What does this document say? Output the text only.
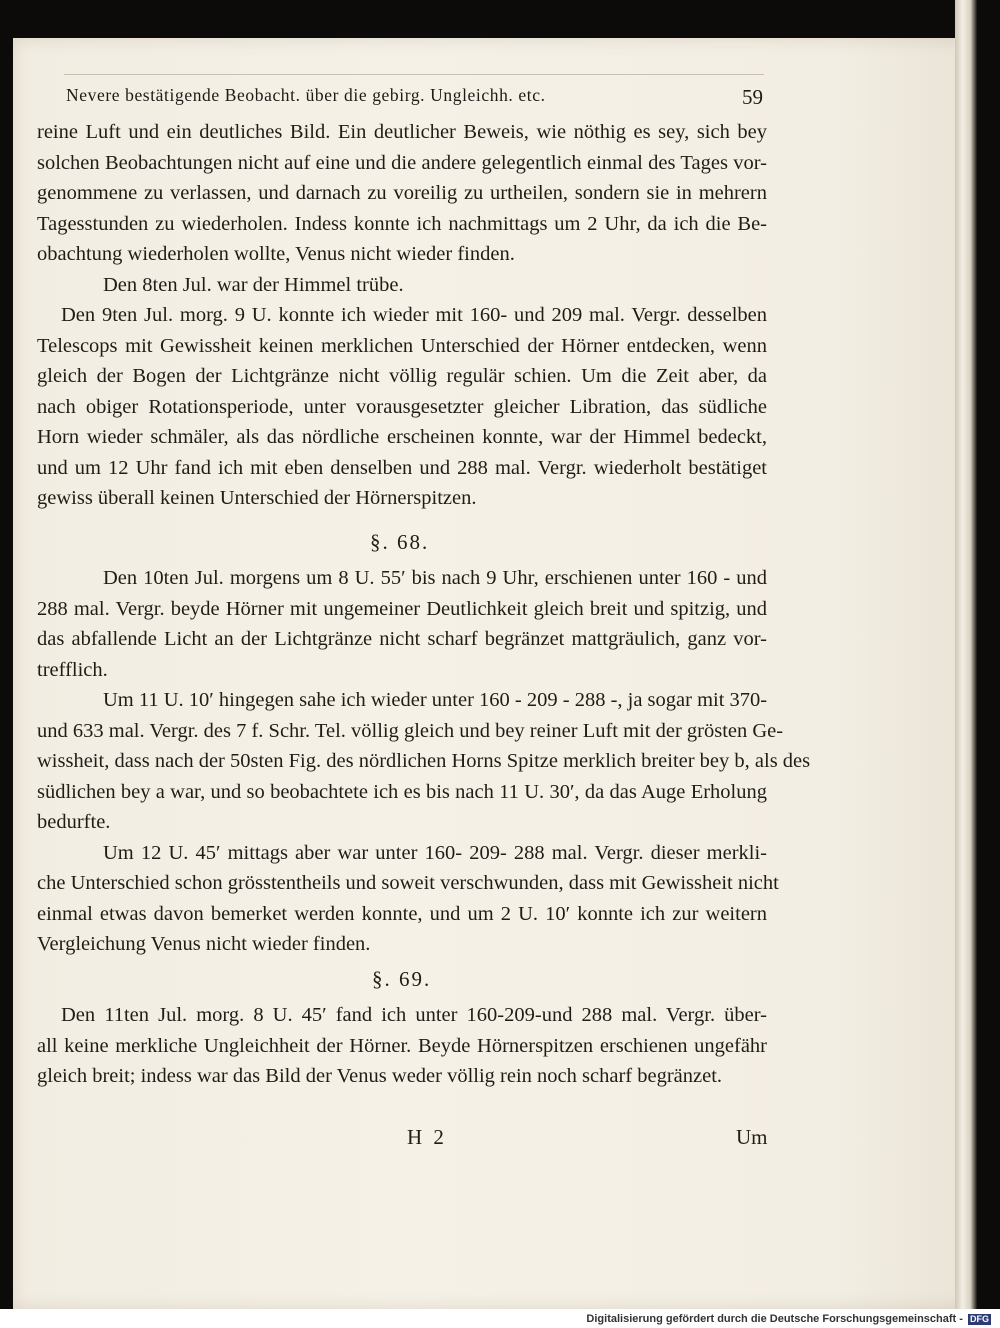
Nevere bestätigende Beobacht. über die gebirg. Ungleichh. etc.	59
reine Luft und ein deutliches Bild. Ein deutlicher Beweis, wie nöthig es sey, sich bey
solchen Beobachtungen nicht auf eine und die andere gelegentlich einmal des Tages vor-
genommene zu verlassen, und darnach zu voreilig zu urtheilen, sondern sie in mehrern
Tagesstunden zu wiederholen. Indess konnte ich nachmittags um 2 Uhr, da ich die Be-
obachtung wiederholen wollte, Venus nicht wieder finden.
Den 8ten Jul. war der Himmel trübe.
Den 9ten Jul. morg. 9 U. konnte ich wieder mit 160- und 209 mal. Vergr. desselben
Telescops mit Gewissheit keinen merklichen Unterschied der Hörner entdecken, wenn
gleich der Bogen der Lichtgränze nicht völlig regulär schien. Um die Zeit aber, da
nach obiger Rotationsperiode, unter vorausgesetzter gleicher Libration, das südliche
Horn wieder schmäler, als das nördliche erscheinen konnte, war der Himmel bedeckt,
und um 12 Uhr fand ich mit eben denselben und 288 mal. Vergr. wiederholt bestätiget
gewiss überall keinen Unterschied der Hörnerspitzen.
§. 68.
Den 10ten Jul. morgens um 8 U. 55′ bis nach 9 Uhr, erschienen unter 160 - und
288 mal. Vergr. beyde Hörner mit ungemeiner Deutlichkeit gleich breit und spitzig, und
das abfallende Licht an der Lichtgränze nicht scharf begränzet mattgräulich, ganz vor-
trefflich.
Um 11 U. 10′ hingegen sahe ich wieder unter 160 - 209 - 288 -, ja sogar mit 370-
und 633 mal. Vergr. des 7 f. Schr. Tel. völlig gleich und bey reiner Luft mit der grösten Ge-
wissheit, dass nach der 50sten Fig. des nördlichen Horns Spitze merklich breiter bey b, als des
südlichen bey a war, und so beobachtete ich es bis nach 11 U. 30′, da das Auge Erholung
bedurfte.
Um 12 U. 45′ mittags aber war unter 160- 209- 288 mal. Vergr. dieser merkli-
che Unterschied schon grösstentheils und soweit verschwunden, dass mit Gewissheit nicht
einmal etwas davon bemerket werden konnte, und um 2 U. 10′ konnte ich zur weitern
Vergleichung Venus nicht wieder finden.
§. 69.
Den 11ten Jul. morg. 8 U. 45′ fand ich unter 160-209-und 288 mal. Vergr. über-
all keine merkliche Ungleichheit der Hörner. Beyde Hörnerspitzen erschienen ungefähr
gleich breit; indess war das Bild der Venus weder völlig rein noch scharf begränzet.
H 2	Um
Digitalisierung gefördert durch die Deutsche Forschungsgemeinschaft - DFG
